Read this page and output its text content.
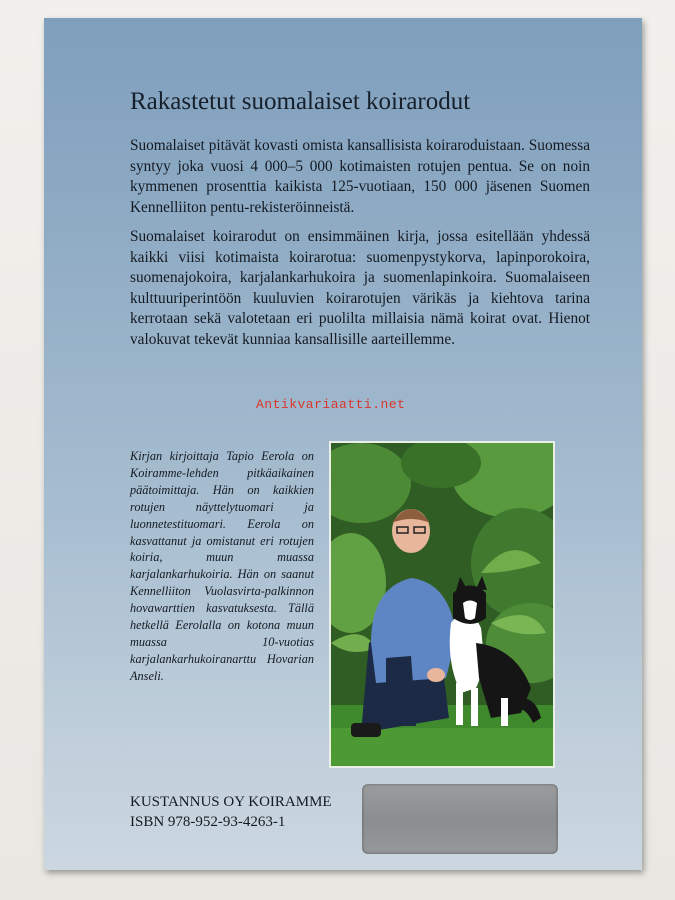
Rakastetut suomalaiset koirarodut

Suomalaiset pitävät kovasti omista kansallisista koiraroduistaan. Suomessa syntyy joka vuosi 4 000–5 000 kotimaisten rotujen pentua. Se on noin kymmenen prosenttia kaikista 125-vuotiaan, 150 000 jäsenen Suomen Kennelliiton pentu-rekisteröinneistä.

Suomalaiset koirarodut on ensimmäinen kirja, jossa esitellään yhdessä kaikki viisi kotimaista koirarotua: suomenpystykorva, lapinporokoira, suomenajokoira, karjalankarhukoira ja suomenlapinkoira. Suomalaiseen kulttuuriperintöön kuuluvien koirarotujen värikäs ja kiehtova tarina kerrotaan sekä valotetaan eri puolilta millaisia nämä koirat ovat. Hienot valokuvat tekevät kunniaa kansallisille aarteillemme.

Antikvariaatti.net

Kirjan kirjoittaja Tapio Eerola on Koiramme-lehden pitkäaikainen päätoimittaja. Hän on kaikkien rotujen näyttelytuomari ja luonnetestituomari. Eerola on kasvattanut ja omistanut eri rotujen koiria, muun muassa karjalankarhukoiria. Hän on saanut Kennelliiton Vuolasvirta-palkinnon hovawarttien kasvatuksesta. Tällä hetkellä Eerolalla on kotona muun muassa 10-vuotias karjalankarhukoiranarttu Hovarian Anseli.

KUSTANNUS OY KOIRAMME
ISBN 978-952-93-4263-1
